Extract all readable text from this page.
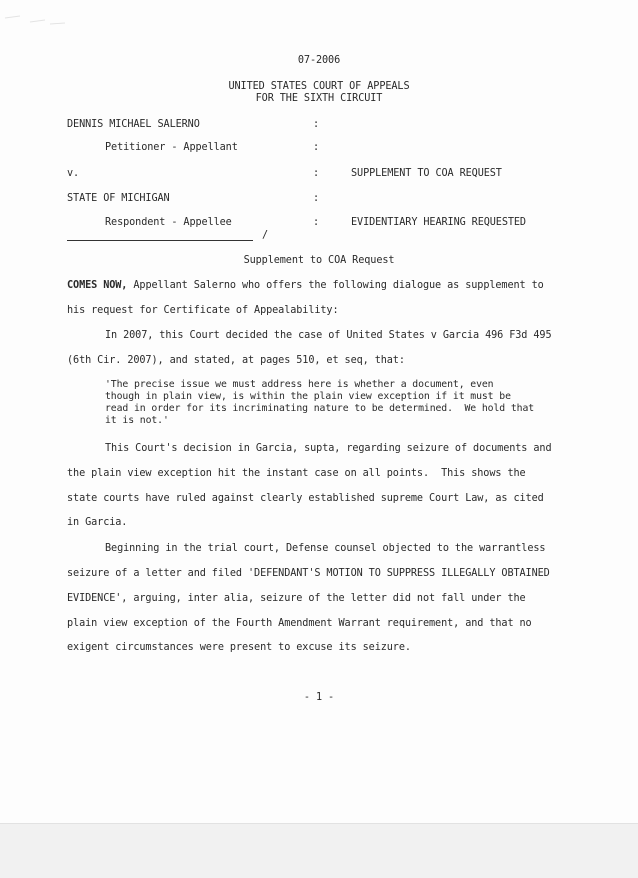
07-2006
UNITED STATES COURT OF APPEALS
FOR THE SIXTH CIRCUIT
DENNIS MICHAEL SALERNO	:
Petitioner - Appellant	:
v.	:	SUPPLEMENT TO COA REQUEST
STATE OF MICHIGAN	:
Respondent - Appellee	:	EVIDENTIARY HEARING REQUESTED
/
Supplement to COA Request
COMES NOW, Appellant Salerno who offers the following dialogue as supplement to
his request for Certificate of Appealability:
In 2007, this Court decided the case of United States v Garcia 496 F3d 495
(6th Cir. 2007), and stated, at pages 510, et seq, that:
'The precise issue we must address here is whether a document, even
though in plain view, is within the plain view exception if it must be
read in order for its incriminating nature to be determined.  We hold that
it is not.'
This Court's decision in Garcia, supta, regarding seizure of documents and
the plain view exception hit the instant case on all points.  This shows the
state courts have ruled against clearly established supreme Court Law, as cited
in Garcia.
Beginning in the trial court, Defense counsel objected to the warrantless
seizure of a letter and filed 'DEFENDANT'S MOTION TO SUPPRESS ILLEGALLY OBTAINED
EVIDENCE', arguing, inter alia, seizure of the letter did not fall under the
plain view exception of the Fourth Amendment Warrant requirement, and that no
exigent circumstances were present to excuse its seizure.
- 1 -
